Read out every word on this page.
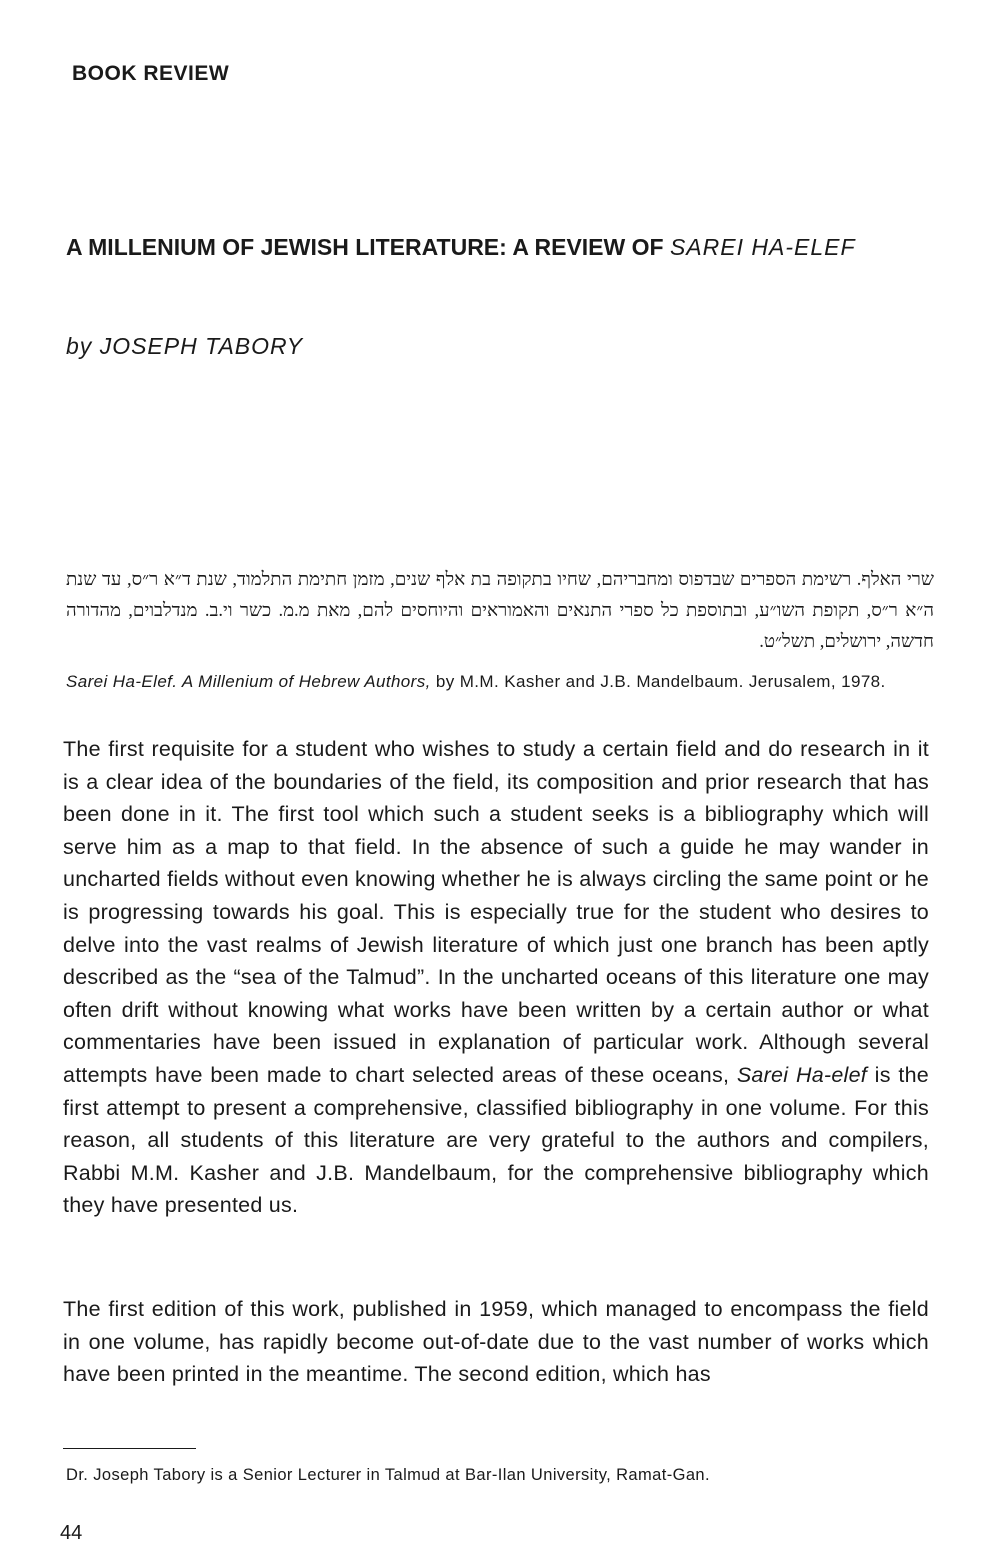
BOOK REVIEW
A MILLENIUM OF JEWISH LITERATURE: A REVIEW OF SAREI HA-ELEF
by JOSEPH TABORY
שרי האלף. רשימת הספרים שבדפוס ומחבריהם, שחיו בתקופה בת אלף שנים, מזמן חתימת התלמוד, שנת ד״א ר״ס, עד שנת ה״א ר״ס, תקופת השו״ע, ובתוספת כל ספרי התנאים והאמוראים והיוחסים להם, מאת מ.מ. כשר וי.ב. מנדלבוים, מהדורה חדשה, ירושלים, תשל״ט.
Sarei Ha-Elef. A Millenium of Hebrew Authors, by M.M. Kasher and J.B. Mandelbaum. Jerusalem, 1978.

The first requisite for a student who wishes to study a certain field and do research in it is a clear idea of the boundaries of the field, its composition and prior research that has been done in it. The first tool which such a student seeks is a bibliography which will serve him as a map to that field. In the absence of such a guide he may wander in uncharted fields without even knowing whether he is always circling the same point or he is progressing towards his goal. This is especially true for the student who desires to delve into the vast realms of Jewish literature of which just one branch has been aptly described as the “sea of the Talmud”. In the uncharted oceans of this literature one may often drift without knowing what works have been written by a certain author or what commentaries have been issued in explanation of particular work. Although several attempts have been made to chart selected areas of these oceans, Sarei Ha-elef is the first attempt to present a comprehensive, classified bibliography in one volume. For this reason, all students of this literature are very grateful to the authors and compilers, Rabbi M.M. Kasher and J.B. Mandelbaum, for the comprehensive bibliography which they have presented us.

The first edition of this work, published in 1959, which managed to encompass the field in one volume, has rapidly become out-of-date due to the vast number of works which have been printed in the meantime. The second edition, which has

Dr. Joseph Tabory is a Senior Lecturer in Talmud at Bar-Ilan University, Ramat-Gan.
44
